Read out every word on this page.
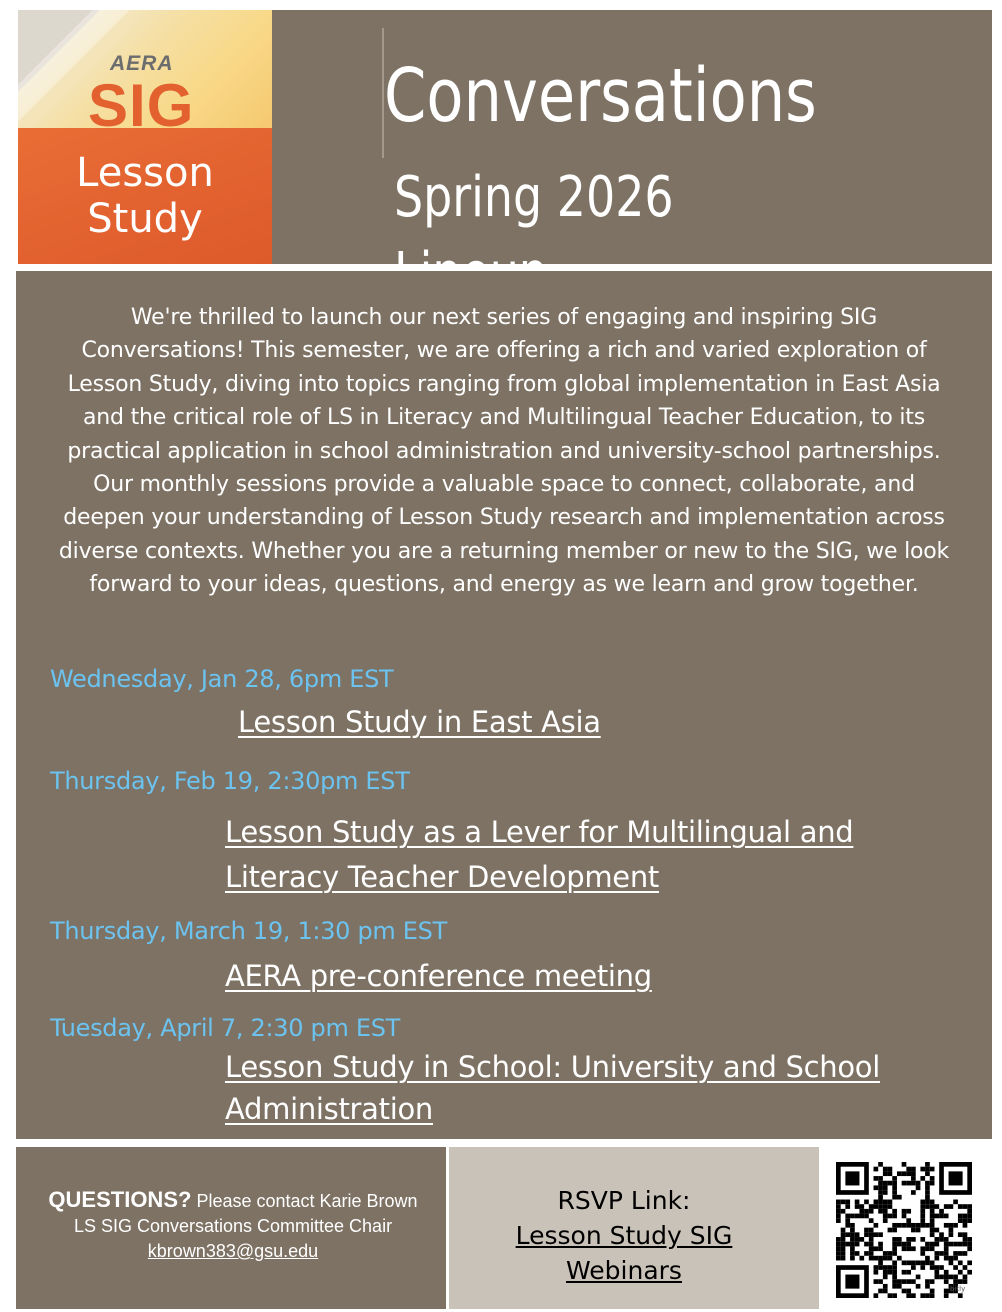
AERA
SIG
Lesson
Study
Conversations
Spring 2026
We're thrilled to launch our next series of engaging and inspiring SIG Conversations! This semester, we are offering a rich and varied exploration of Lesson Study, diving into topics ranging from global implementation in East Asia and the critical role of LS in Literacy and Multilingual Teacher Education, to its practical application in school administration and university-school partnerships. Our monthly sessions provide a valuable space to connect, collaborate, and deepen your understanding of Lesson Study research and implementation across diverse contexts. Whether you are a returning member or new to the SIG, we look forward to your ideas, questions, and energy as we learn and grow together.
Wednesday, Jan 28, 6pm EST
Lesson Study in East Asia
Thursday, Feb 19, 2:30pm EST
Lesson Study as a Lever for Multilingual and
Literacy Teacher Development
Thursday, March 19, 1:30 pm EST
AERA pre-conference meeting
Tuesday, April 7, 2:30 pm EST
Lesson Study in School: University and School
Administration
QUESTIONS? Please contact Karie Brown LS SIG Conversations Committee Chair kbrown383@gsu.edu
RSVP Link:
Lesson Study SIG
Webinars
bitly
